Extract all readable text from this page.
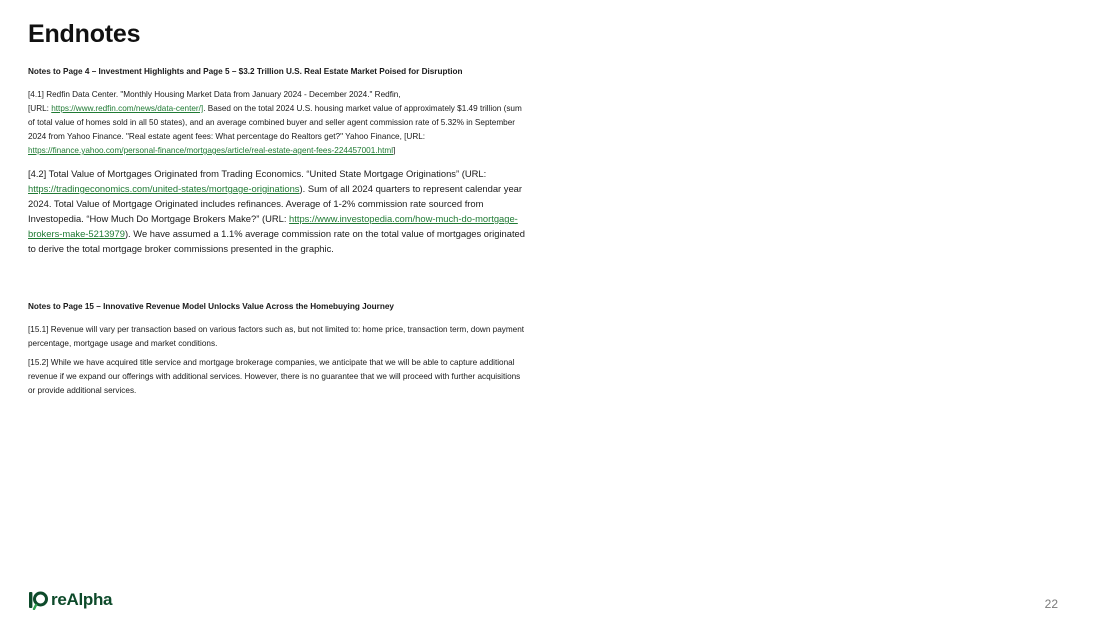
Endnotes
Notes to Page 4 – Investment Highlights and Page 5 – $3.2 Trillion U.S. Real Estate Market Poised for Disruption

[4.1] Redfin Data Center. "Monthly Housing Market Data from January 2024 - December 2024." Redfin,
[URL: https://www.redfin.com/news/data-center/]. Based on the total 2024 U.S. housing market value of approximately $1.49 trillion (sum of total value of homes sold in all 50 states), and an average combined buyer and seller agent commission rate of 5.32% in September 2024 from Yahoo Finance. "Real estate agent fees: What percentage do Realtors get?" Yahoo Finance, [URL: https://finance.yahoo.com/personal-finance/mortgages/article/real-estate-agent-fees-224457001.html]

[4.2] Total Value of Mortgages Originated from Trading Economics. “United State Mortgage Originations” (URL: https://tradingeconomics.com/united-states/mortgage-originations). Sum of all 2024 quarters to represent calendar year 2024. Total Value of Mortgage Originated includes refinances. Average of 1-2% commission rate sourced from Investopedia. “How Much Do Mortgage Brokers Make?” (URL: https://www.investopedia.com/how-much-do-mortgage-brokers-make-5213979). We have assumed a 1.1% average commission rate on the total value of mortgages originated to derive the total mortgage broker commissions presented in the graphic.

Notes to Page 15 – Innovative Revenue Model Unlocks Value Across the Homebuying Journey

[15.1] Revenue will vary per transaction based on various factors such as, but not limited to: home price, transaction term, down payment percentage, mortgage usage and market conditions.

[15.2] While we have acquired title service and mortgage brokerage companies, we anticipate that we will be able to capture additional revenue if we expand our offerings with additional services. However, there is no guarantee that we will proceed with further acquisitions or provide additional services.

reAlpha	22
